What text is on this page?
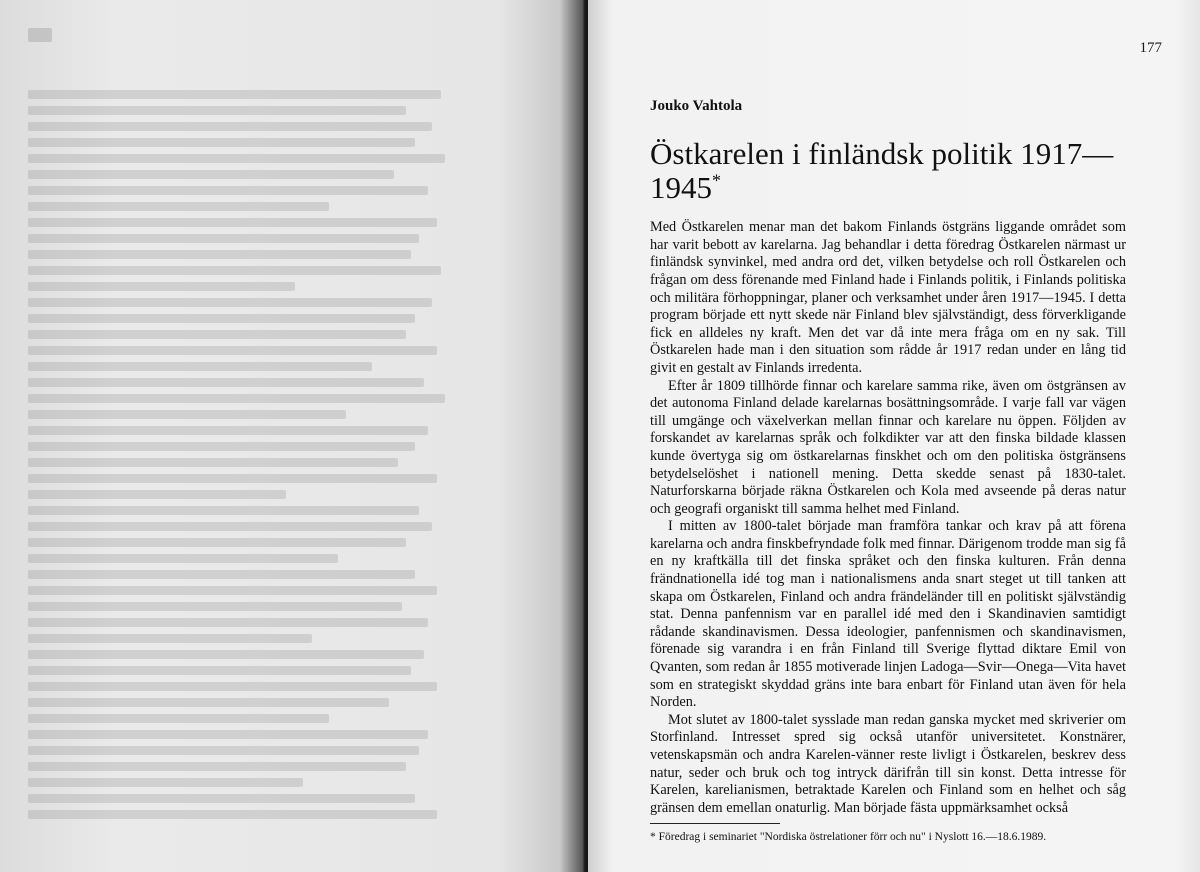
177
Jouko Vahtola
Östkarelen i finländsk politik 1917—1945*

Med Östkarelen menar man det bakom Finlands östgräns liggande området som har varit bebott av karelarna. Jag behandlar i detta föredrag Östkarelen närmast ur finländsk synvinkel, med andra ord det, vilken betydelse och roll Östkarelen och frågan om dess förenande med Finland hade i Finlands politik, i Finlands politiska och militära förhoppningar, planer och verksamhet under åren 1917—1945. I detta program började ett nytt skede när Finland blev självständigt, dess förverkligande fick en alldeles ny kraft. Men det var då inte mera fråga om en ny sak. Till Östkarelen hade man i den situation som rådde år 1917 redan under en lång tid givit en gestalt av Finlands irredenta.

Efter år 1809 tillhörde finnar och karelare samma rike, även om östgränsen av det autonoma Finland delade karelarnas bosättningsområde. I varje fall var vägen till umgänge och växelverkan mellan finnar och karelare nu öppen. Följden av forskandet av karelarnas språk och folkdikter var att den finska bildade klassen kunde övertyga sig om östkarelarnas finskhet och om den politiska östgränsens betydelselöshet i nationell mening. Detta skedde senast på 1830-talet. Naturforskarna började räkna Östkarelen och Kola med avseende på deras natur och geografi organiskt till samma helhet med Finland.

I mitten av 1800-talet började man framföra tankar och krav på att förena karelarna och andra finskbefryndade folk med finnar. Därigenom trodde man sig få en ny kraftkälla till det finska språket och den finska kulturen. Från denna frändnationella idé tog man i nationalismens anda snart steget ut till tanken att skapa om Östkarelen, Finland och andra frändeländer till en politiskt självständig stat. Denna panfennism var en parallel idé med den i Skandinavien samtidigt rådande skandinavismen. Dessa ideologier, panfennismen och skandinavismen, förenade sig varandra i en från Finland till Sverige flyttad diktare Emil von Qvanten, som redan år 1855 motiverade linjen Ladoga—Svir—Onega—Vita havet som en strategiskt skyddad gräns inte bara enbart för Finland utan även för hela Norden.

Mot slutet av 1800-talet sysslade man redan ganska mycket med skriverier om Storfinland. Intresset spred sig också utanför universitetet. Konstnärer, vetenskapsmän och andra Karelen-vänner reste livligt i Östkarelen, beskrev dess natur, seder och bruk och tog intryck därifrån till sin konst. Detta intresse för Karelen, karelianismen, betraktade Karelen och Finland som en helhet och såg gränsen dem emellan onaturlig. Man började fästa uppmärksamhet också

* Föredrag i seminariet "Nordiska östrelationer förr och nu" i Nyslott 16.—18.6.1989.
